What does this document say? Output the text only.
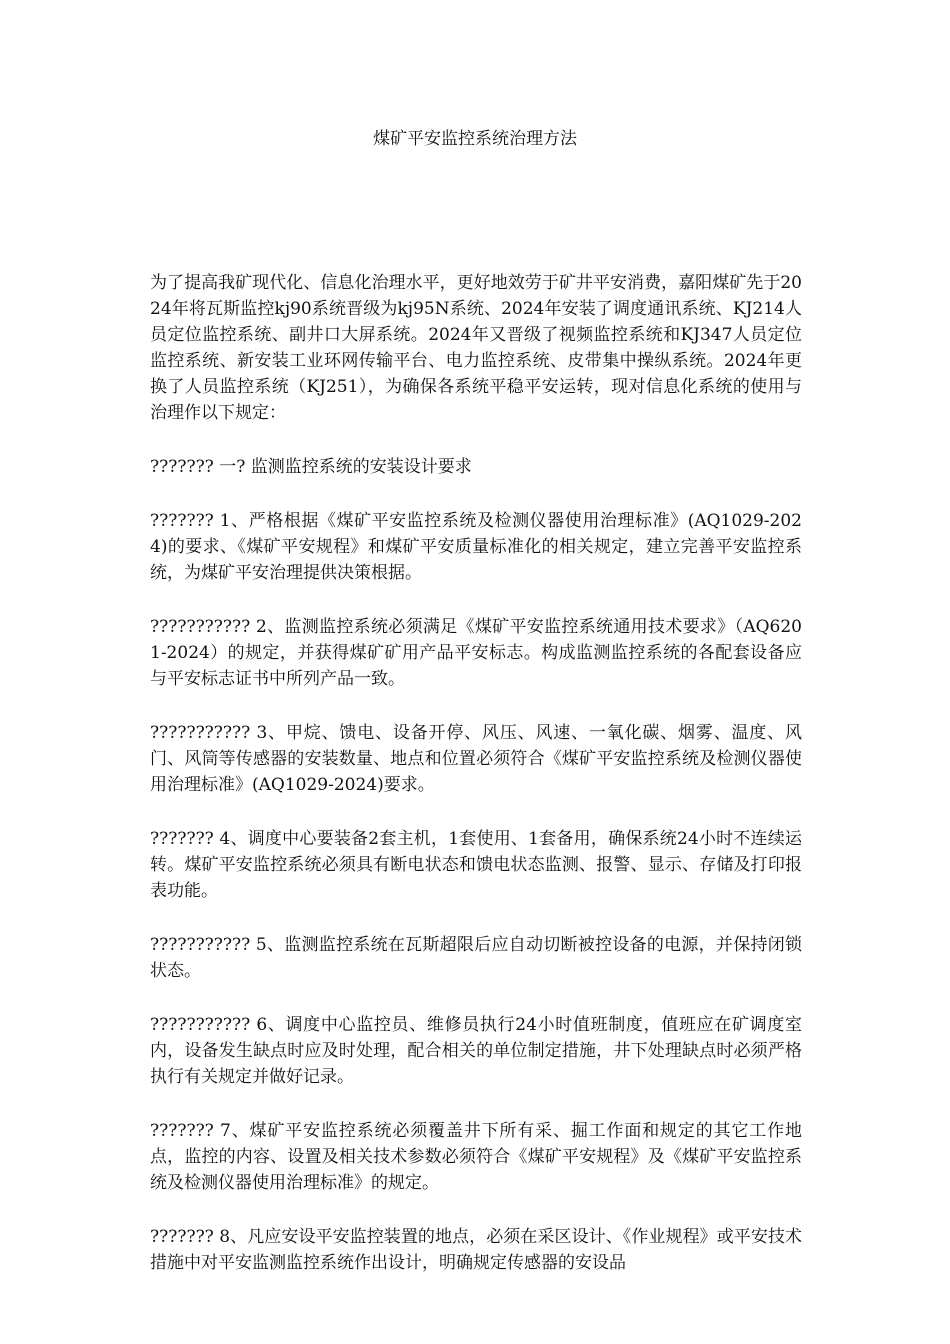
煤矿平安监控系统治理方法

为了提高我矿现代化、信息化治理水平，更好地效劳于矿井平安消费，嘉阳煤矿先于2024年将瓦斯监控kj90系统晋级为kj95N系统、2024年安装了调度通讯系统、KJ214人员定位监控系统、副井口大屏系统。2024年又晋级了视频监控系统和KJ347人员定位监控系统、新安装工业环网传输平台、电力监控系统、皮带集中操纵系统。2024年更换了人员监控系统（KJ251），为确保各系统平稳平安运转，现对信息化系统的使用与治理作以下规定：

??????? 一? 监测监控系统的安装设计要求

??????? 1、严格根据《煤矿平安监控系统及检测仪器使用治理标准》(AQ1029-2024)的要求、《煤矿平安规程》和煤矿平安质量标准化的相关规定，建立完善平安监控系统，为煤矿平安治理提供决策根据。

??????????? 2、监测监控系统必须满足《煤矿平安监控系统通用技术要求》（AQ6201-2024）的规定，并获得煤矿矿用产品平安标志。构成监测监控系统的各配套设备应与平安标志证书中所列产品一致。

??????????? 3、甲烷、馈电、设备开停、风压、风速、一氧化碳、烟雾、温度、风门、风筒等传感器的安装数量、地点和位置必须符合《煤矿平安监控系统及检测仪器使用治理标准》(AQ1029-2024)要求。

??????? 4、调度中心要装备2套主机，1套使用、1套备用，确保系统24小时不连续运转。煤矿平安监控系统必须具有断电状态和馈电状态监测、报警、显示、存储及打印报表功能。

??????????? 5、监测监控系统在瓦斯超限后应自动切断被控设备的电源，并保持闭锁状态。

??????????? 6、调度中心监控员、维修员执行24小时值班制度，值班应在矿调度室内，设备发生缺点时应及时处理，配合相关的单位制定措施，井下处理缺点时必须严格执行有关规定并做好记录。

??????? 7、煤矿平安监控系统必须覆盖井下所有采、掘工作面和规定的其它工作地点，监控的内容、设置及相关技术参数必须符合《煤矿平安规程》及《煤矿平安监控系统及检测仪器使用治理标准》的规定。

??????? 8、凡应安设平安监控装置的地点，必须在采区设计、《作业规程》或平安技术措施中对平安监测监控系统作出设计，明确规定传感器的安设品
